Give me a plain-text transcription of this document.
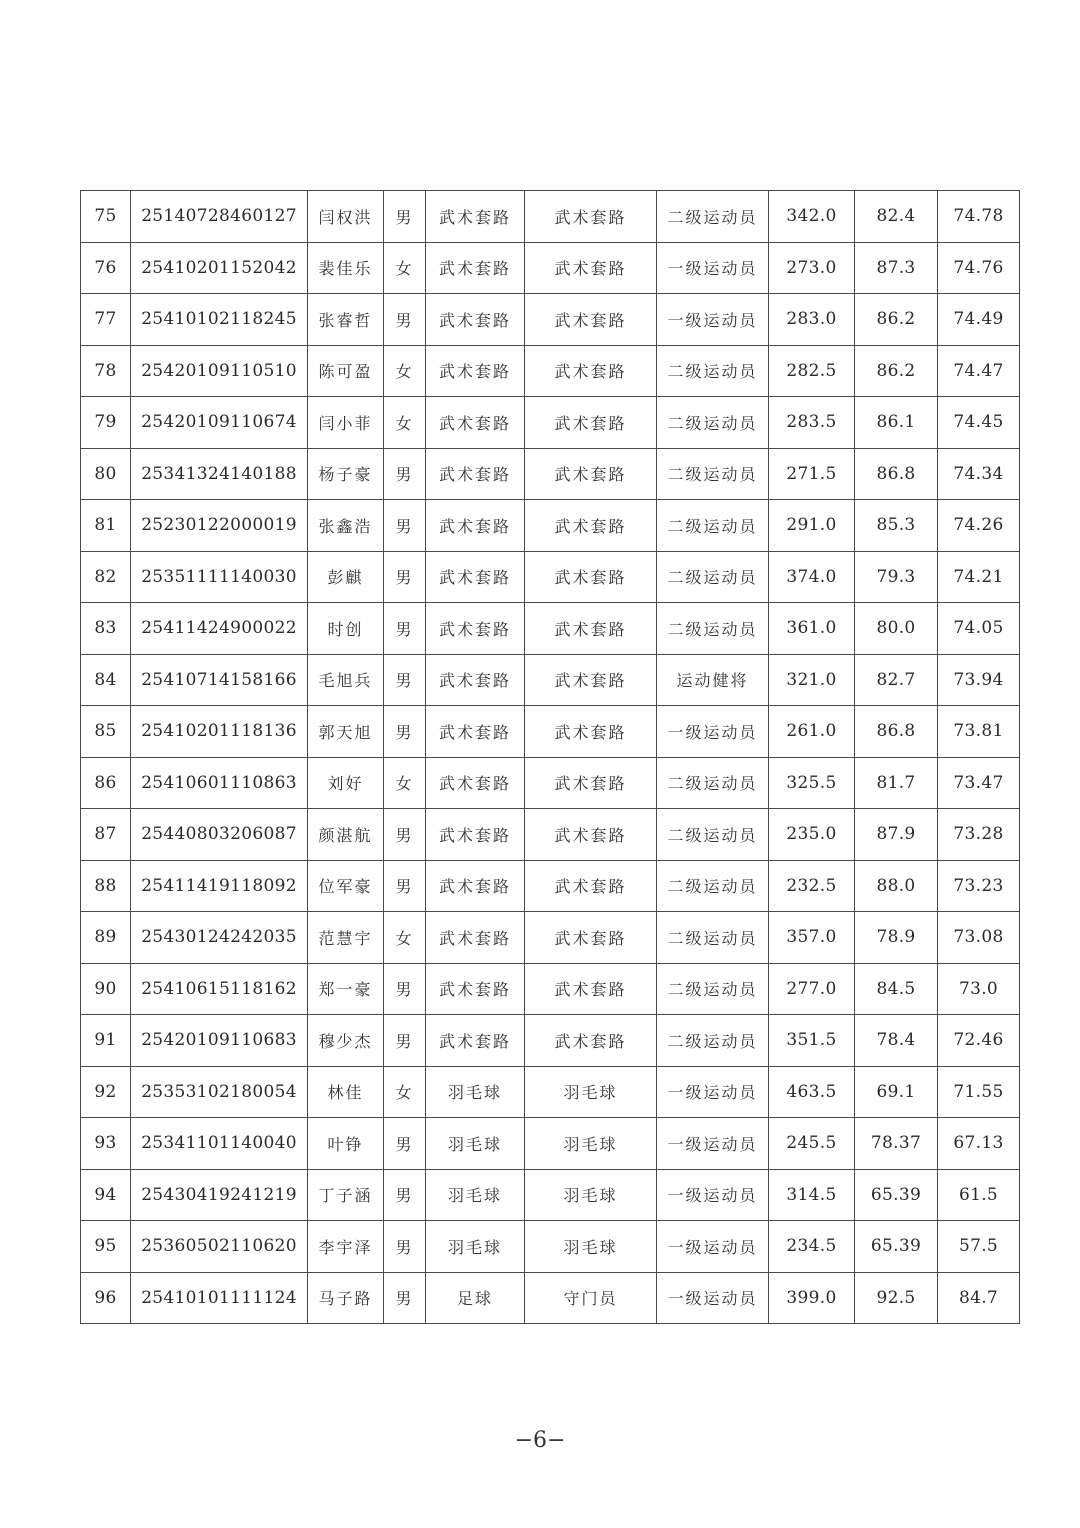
75	25140728460127	闫权洪	男	武术套路	武术套路	二级运动员	342.0	82.4	74.78
76	25410201152042	裴佳乐	女	武术套路	武术套路	一级运动员	273.0	87.3	74.76
77	25410102118245	张睿哲	男	武术套路	武术套路	一级运动员	283.0	86.2	74.49
78	25420109110510	陈可盈	女	武术套路	武术套路	二级运动员	282.5	86.2	74.47
79	25420109110674	闫小菲	女	武术套路	武术套路	二级运动员	283.5	86.1	74.45
80	25341324140188	杨子豪	男	武术套路	武术套路	二级运动员	271.5	86.8	74.34
81	25230122000019	张鑫浩	男	武术套路	武术套路	二级运动员	291.0	85.3	74.26
82	25351111140030	彭麒	男	武术套路	武术套路	二级运动员	374.0	79.3	74.21
83	25411424900022	时创	男	武术套路	武术套路	二级运动员	361.0	80.0	74.05
84	25410714158166	毛旭兵	男	武术套路	武术套路	运动健将	321.0	82.7	73.94
85	25410201118136	郭天旭	男	武术套路	武术套路	一级运动员	261.0	86.8	73.81
86	25410601110863	刘好	女	武术套路	武术套路	二级运动员	325.5	81.7	73.47
87	25440803206087	颜湛航	男	武术套路	武术套路	二级运动员	235.0	87.9	73.28
88	25411419118092	位军豪	男	武术套路	武术套路	二级运动员	232.5	88.0	73.23
89	25430124242035	范慧宇	女	武术套路	武术套路	二级运动员	357.0	78.9	73.08
90	25410615118162	郑一豪	男	武术套路	武术套路	二级运动员	277.0	84.5	73.0
91	25420109110683	穆少杰	男	武术套路	武术套路	二级运动员	351.5	78.4	72.46
92	25353102180054	林佳	女	羽毛球	羽毛球	一级运动员	463.5	69.1	71.55
93	25341101140040	叶铮	男	羽毛球	羽毛球	一级运动员	245.5	78.37	67.13
94	25430419241219	丁子涵	男	羽毛球	羽毛球	一级运动员	314.5	65.39	61.5
95	25360502110620	李宇泽	男	羽毛球	羽毛球	一级运动员	234.5	65.39	57.5
96	25410101111124	马子路	男	足球	守门员	一级运动员	399.0	92.5	84.7
−6−
